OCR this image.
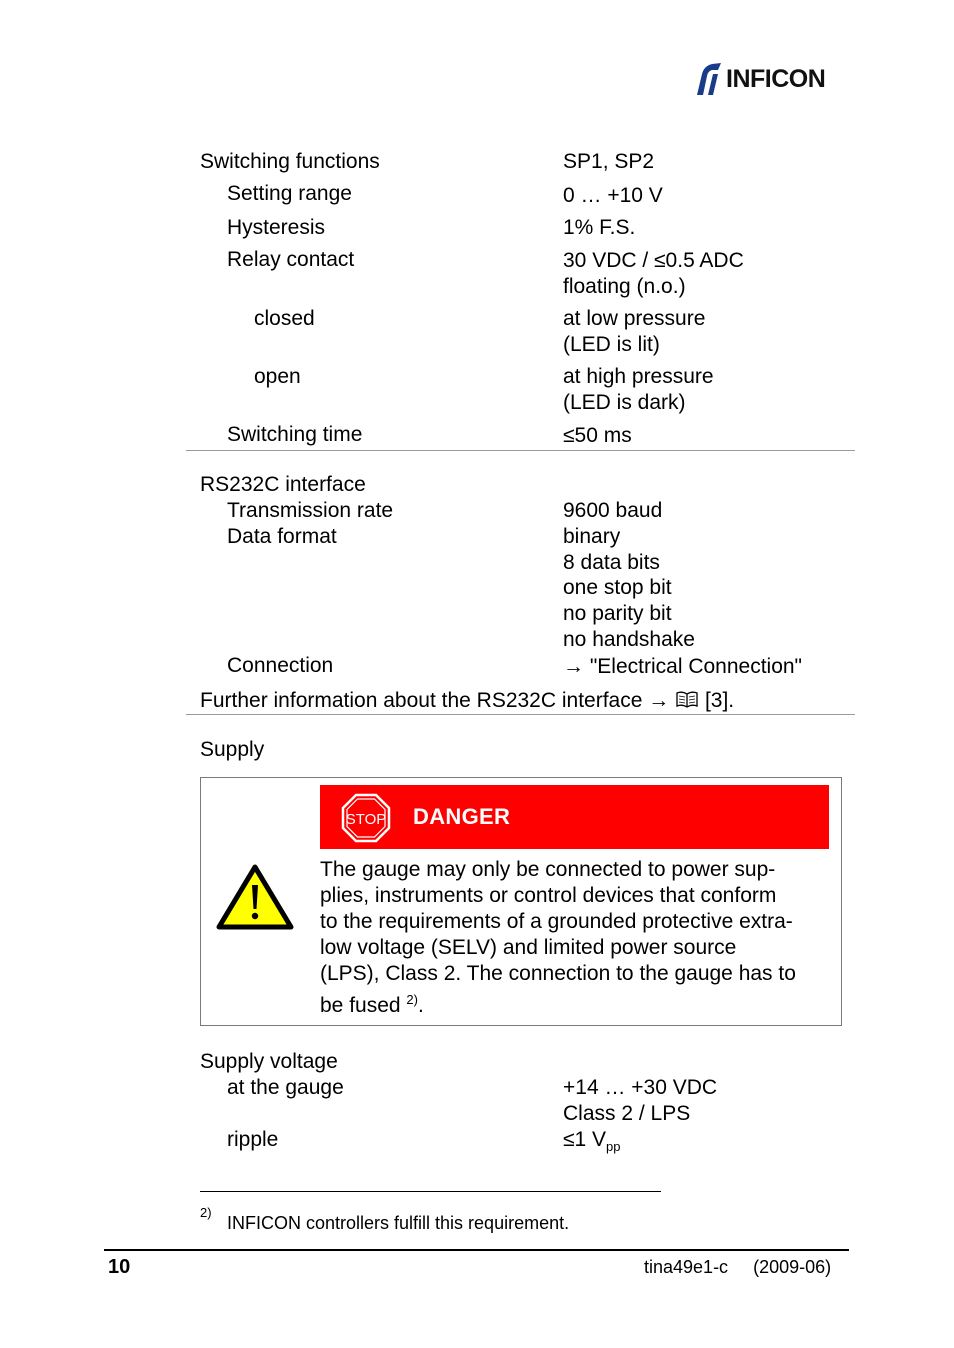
INFICON
Switching functions	SP1, SP2
Setting range	0 … +10 V
Hysteresis	1% F.S.
Relay contact	30 VDC / ≤0.5 ADC
floating (n.o.)
closed	at low pressure
(LED is lit)
open	at high pressure
(LED is dark)
Switching time	≤50 ms
RS232C interface
Transmission rate	9600 baud
Data format	binary
8 data bits
one stop bit
no parity bit
no handshake
Connection	→ "Electrical Connection"
Further information about the RS232C interface → [3].
Supply
STOP DANGER
The gauge may only be connected to power sup-
plies, instruments or control devices that conform
to the requirements of a grounded protective extra-
low voltage (SELV) and limited power source
(LPS), Class 2. The connection to the gauge has to
be fused $^{2)}$.
Supply voltage
at the gauge	+14 … +30 VDC
Class 2 / LPS
ripple	≤1 $V_{pp}$
2)
INFICON controllers fulfill this requirement.
10	tina49e1-c (2009-06)
